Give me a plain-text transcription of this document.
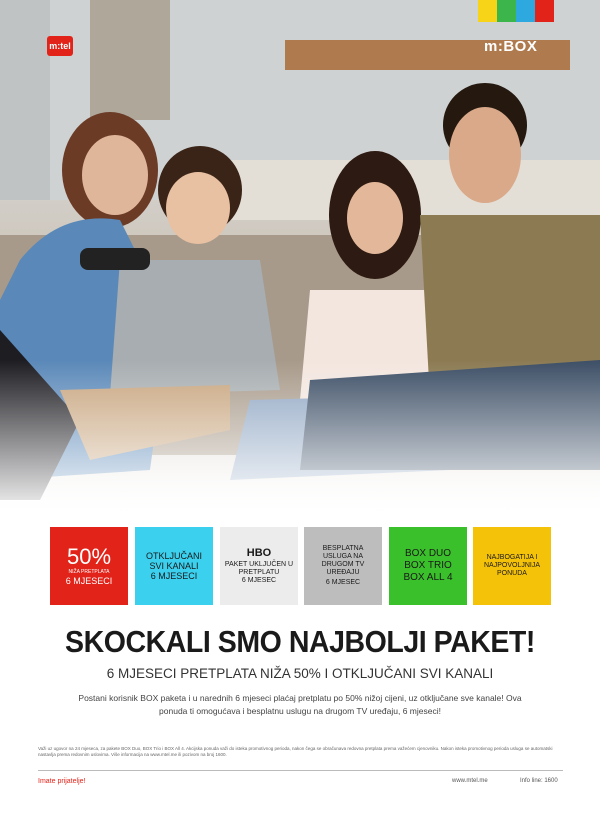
m:tel	m:BOX
50%
NIŽA PRETPLATA
6 MJESECI
OTKLJUČANI SVI KANALI
6 MJESECI
HBO
PAKET UKLJUČEN U PRETPLATU
6 MJESEC
BESPLATNA USLUGA NA DRUGOM TV UREĐAJU
6 MJESEC
BOX DUO
BOX TRIO
BOX ALL 4
NAJBOGATIJA I NAJPOVOLJNIJA PONUDA
SKOCKALI SMO NAJBOLJI PAKET!
6 MJESECI PRETPLATA NIŽA 50% I OTKLJUČANI SVI KANALI
Postani korisnik BOX paketa i u narednih 6 mjeseci plaćaj pretplatu po 50% nižoj cijeni, uz otključane sve kanale! Ova ponuda ti omogućava i besplatnu uslugu na drugom TV uređaju, 6 mjeseci!
Važi uz ugovor na 24 mjeseca, za pakete BOX Duo, BOX Trio i BOX All 4. Akcijska ponuda važi do isteka promotivnog perioda, nakon čega se obračunava redovna pretplata prema važećem cjenovniku. Nakon isteka promotivnog perioda usluga se automatski nastavlja prema redovnim uslovima. Više informacija na www.mtel.me ili pozivom na broj 1600.
Imate prijatelje!	www.mtel.me	Info line: 1600
